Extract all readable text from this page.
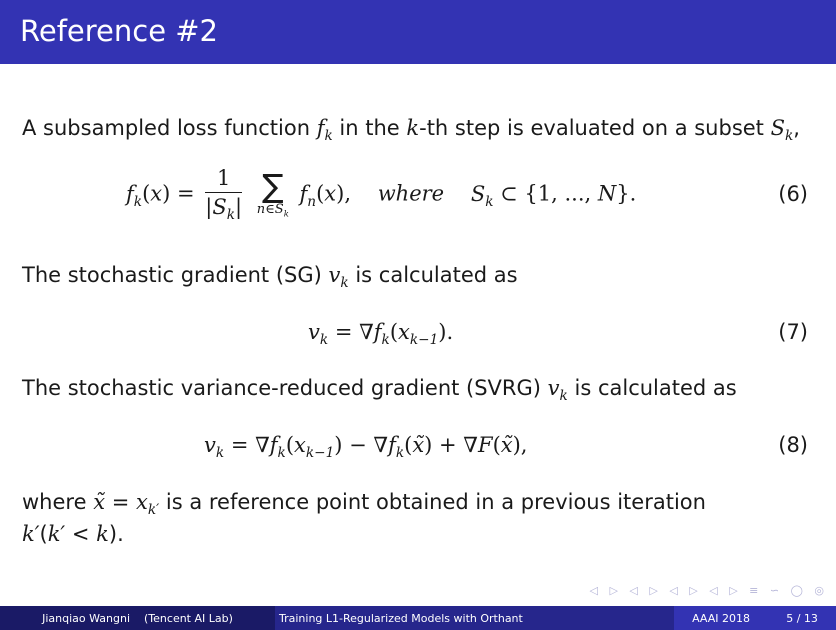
Reference #2
A subsampled loss function $f_k$ in the k-th step is evaluated on a subset $S_k$,
$f_k(x) = \frac{1}{|S_k|}$
∑
$n\in S_k$
$f_n(x)$, where $S_k$ ⊂ {1, ..., N}.	(6)
The stochastic gradient (SG) $v_k$ is calculated as
$v_k = \nabla f_k(x_{k-1})$.	(7)
The stochastic variance-reduced gradient (SVRG) $v_k$ is calculated as
$v_k = \nabla f_k(x_{k-1})$ − $\nabla f_k(x̃)$ + ∇F(x̃),	(8)
where x̃ = $x_{k'}$ is a reference point obtained in a previous iteration
k′(k′ < k).
◁ ▷ ◁ ▷ ◁ ▷ ◁ ▷ ≡ ∽ ◯ ◎
Jianqiao Wangni (Tencent AI Lab)	Training L1-Regularized Models with Orthant	AAAI 2018	5 / 13
